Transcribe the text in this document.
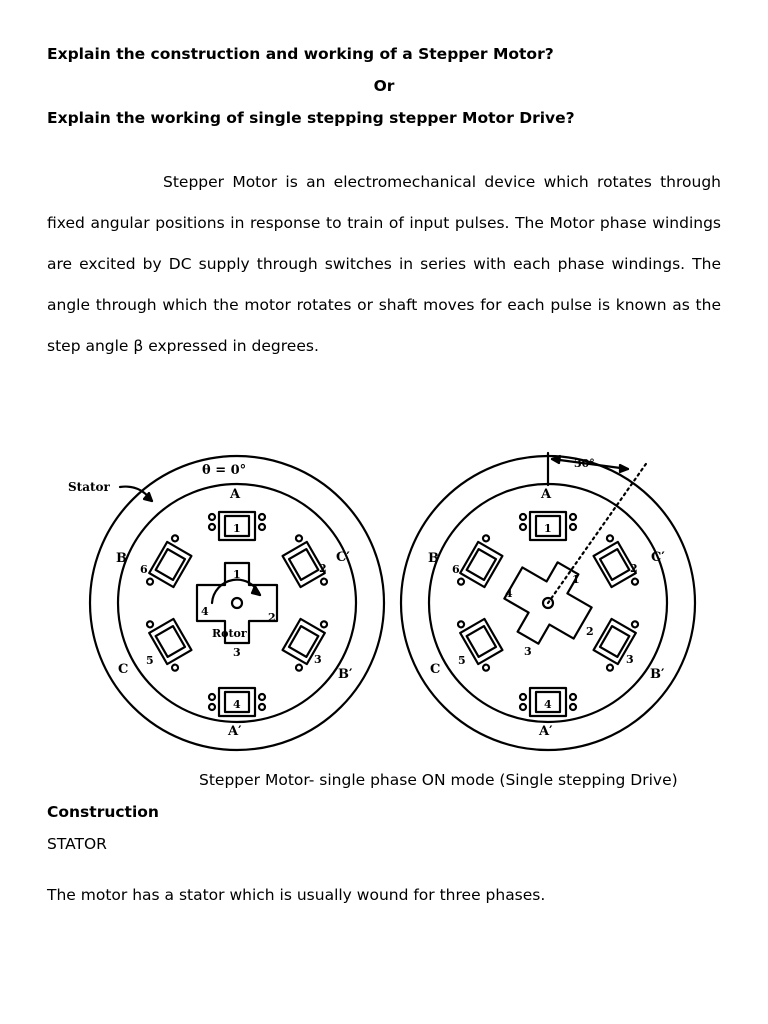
Explain the construction and working of a Stepper Motor?
Or
Explain the working of single stepping stepper Motor Drive?
Stepper Motor is an electromechanical device which rotates through fixed angular positions in response to train of input pulses. The Motor phase windings are excited by DC supply through switches in series with each phase windings. The angle through which the motor rotates or shaft moves for each pulse is known as the step angle β expressed in degrees.
Stator
θ = 0°
A
A′
B
B′
C
C′
1
2
3
4
5
6	1
2
3
4
Rotor
30°
A
A′
B
B′
C
C′
1
2
3
4
5
6
1
2
3
4
Stepper Motor- single phase ON mode (Single stepping Drive)
Construction
STATOR
The motor has a stator which is usually wound for three phases.
